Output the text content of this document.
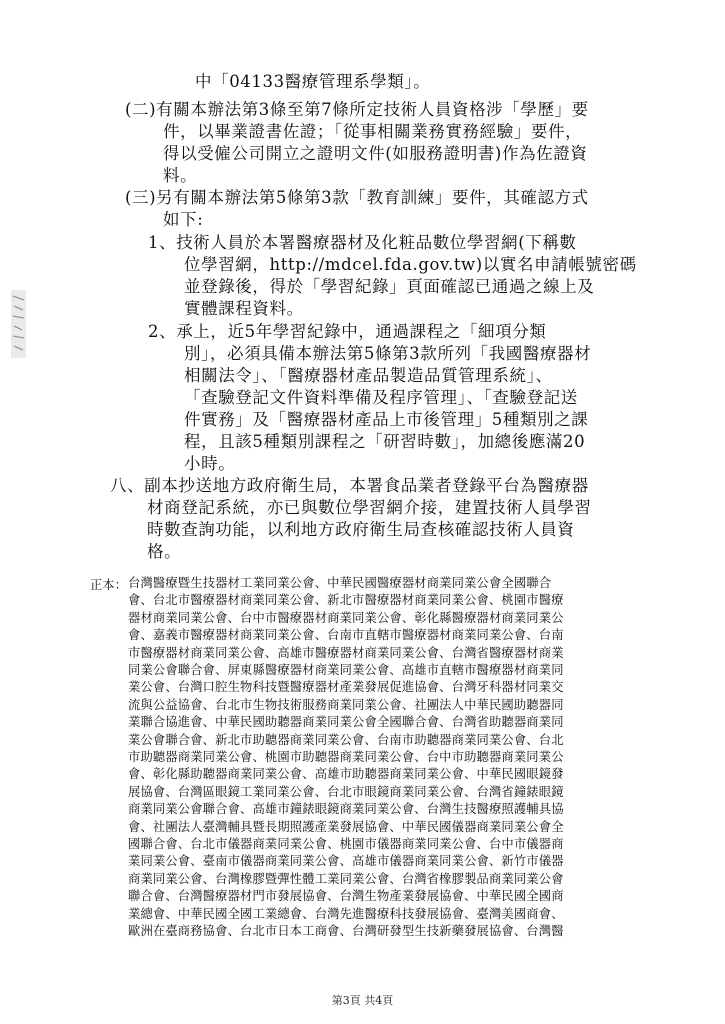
中「04133醫療管理系學類」。
(二)有關本辦法第3條至第7條所定技術人員資格涉「學歷」要
件，以畢業證書佐證；「從事相關業務實務經驗」要件，
得以受僱公司開立之證明文件(如服務證明書)作為佐證資
料。
(三)另有關本辦法第5條第3款「教育訓練」要件，其確認方式
如下:
1、技術人員於本署醫療器材及化粧品數位學習網(下稱數
位學習網，http://mdcel.fda.gov.tw)以實名申請帳號密碼
並登錄後，得於「學習紀錄」頁面確認已通過之線上及
實體課程資料。
2、承上，近5年學習紀錄中，通過課程之「細項分類
別」，必須具備本辦法第5條第3款所列「我國醫療器材
相關法令」、「醫療器材產品製造品質管理系統」、
「查驗登記文件資料準備及程序管理」、「查驗登記送
件實務」及「醫療器材產品上市後管理」5種類別之課
程，且該5種類別課程之「研習時數」，加總後應滿20
小時。
八、副本抄送地方政府衛生局，本署食品業者登錄平台為醫療器
材商登記系統，亦已與數位學習網介接，建置技術人員學習
時數查詢功能，以利地方政府衛生局查核確認技術人員資
格。
正本： 台灣醫療暨生技器材工業同業公會、中華民國醫療器材商業同業公會全國聯合
會、台北市醫療器材商業同業公會、新北市醫療器材商業同業公會、桃園市醫療
器材商業同業公會、台中市醫療器材商業同業公會、彰化縣醫療器材商業同業公
會、嘉義市醫療器材商業同業公會、台南市直轄市醫療器材商業同業公會、台南
市醫療器材商業同業公會、高雄市醫療器材商業同業公會、台灣省醫療器材商業
同業公會聯合會、屏東縣醫療器材商業同業公會、高雄市直轄市醫療器材商業同
業公會、台灣口腔生物科技暨醫療器材產業發展促進協會、台灣牙科器材同業交
流與公益協會、台北市生物技術服務商業同業公會、社團法人中華民國助聽器同
業聯合協進會、中華民國助聽器商業同業公會全國聯合會、台灣省助聽器商業同
業公會聯合會、新北市助聽器商業同業公會、台南市助聽器商業同業公會、台北
市助聽器商業同業公會、桃園市助聽器商業同業公會、台中市助聽器商業同業公
會、彰化縣助聽器商業同業公會、高雄市助聽器商業同業公會、中華民國眼鏡發
展協會、台灣區眼鏡工業同業公會、台北市眼鏡商業同業公會、台灣省鐘錶眼鏡
商業同業公會聯合會、高雄市鐘錶眼鏡商業同業公會、台灣生技醫療照護輔具協
會、社團法人臺灣輔具暨長期照護產業發展協會、中華民國儀器商業同業公會全
國聯合會、台北市儀器商業同業公會、桃園市儀器商業同業公會、台中市儀器商
業同業公會、臺南市儀器商業同業公會、高雄市儀器商業同業公會、新竹市儀器
商業同業公會、台灣橡膠暨彈性體工業同業公會、台灣省橡膠製品商業同業公會
聯合會、台灣醫療器材門市發展協會、台灣生物產業發展協會、中華民國全國商
業總會、中華民國全國工業總會、台灣先進醫療科技發展協會、臺灣美國商會、
歐洲在臺商務協會、台北市日本工商會、台灣研發型生技新藥發展協會、台灣醫
第3頁 共4頁
